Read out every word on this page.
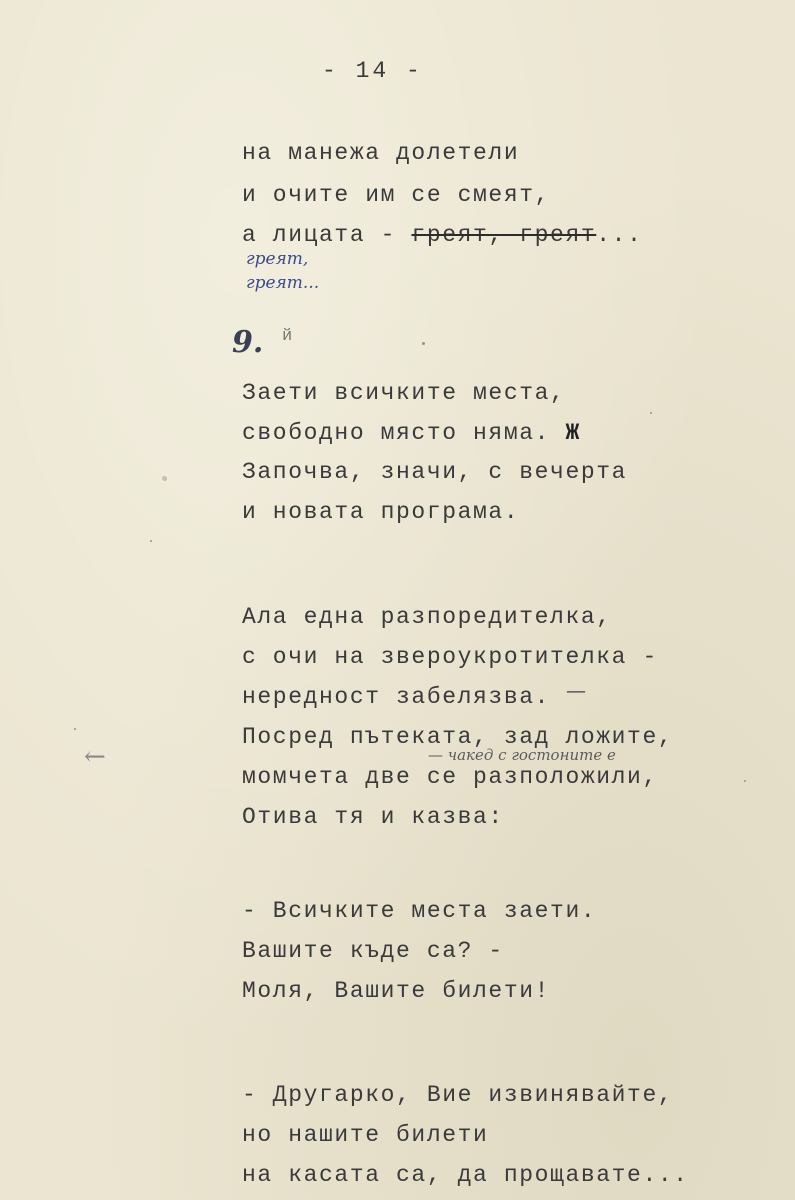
- 14 -
на манежа долетели
и очите им се смеят,
а лицата - греят, греят...
греят,
греят...
9. й
Заети всичките места,
свободно място няма. Ж
Започва, значи, с вечерта
и новата програма.
Ала една разпоредителка,
с очи на звероукротителка -
нередност забелязва. —
Посред пътеката, зад ложите,
— чакед с гостоните е
момчета две се разположили,
Отива тя и казва:
←
- Всичките места заети.
Вашите къде са? -
Моля, Вашите билети!
- Другарко, Вие извинявайте,
но нашите билети
на касата са, да прощавате...
